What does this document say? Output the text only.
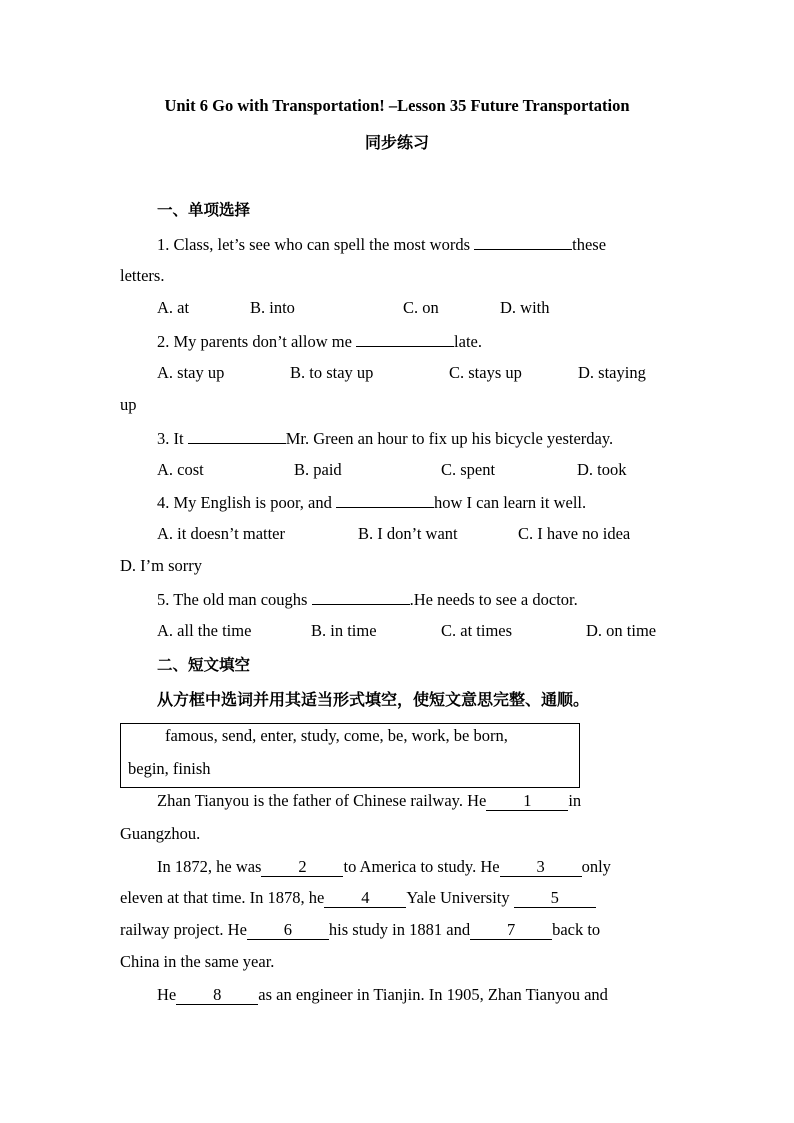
Unit 6 Go with Transportation! –Lesson 35 Future Transportation
同步练习
一、单项选择
1. Class, let’s see who can spell the most words	these
letters.
A. at	B. into	C. on	D. with
2. My parents don’t allow me	late.
A. stay up	B. to stay up	C. stays up	D. staying
up
3. It	Mr. Green an hour to fix up his bicycle yesterday.
A. cost	B. paid	C. spent	D. took
4. My English is poor, and	how I can learn it well.
A. it doesn’t matter	B. I don’t want	C. I have no idea
D. I’m sorry
5. The old man coughs	.He needs to see a doctor.
A. all the time	B. in time	C. at times	D. on time
二、短文填空
从方框中选词并用其适当形式填空，使短文意思完整、通顺。
famous, send, enter, study, come, be, work, be born,
begin, finish
Zhan Tianyou is the father of Chinese railway. He 1 in
Guangzhou.
In 1872, he was 2 to America to study. He 3 only
eleven at that time. In 1878, he 4 Yale University 5
railway project. He 6 his study in 1881 and 7 back to
China in the same year.
He 8 as an engineer in Tianjin. In 1905, Zhan Tianyou and
